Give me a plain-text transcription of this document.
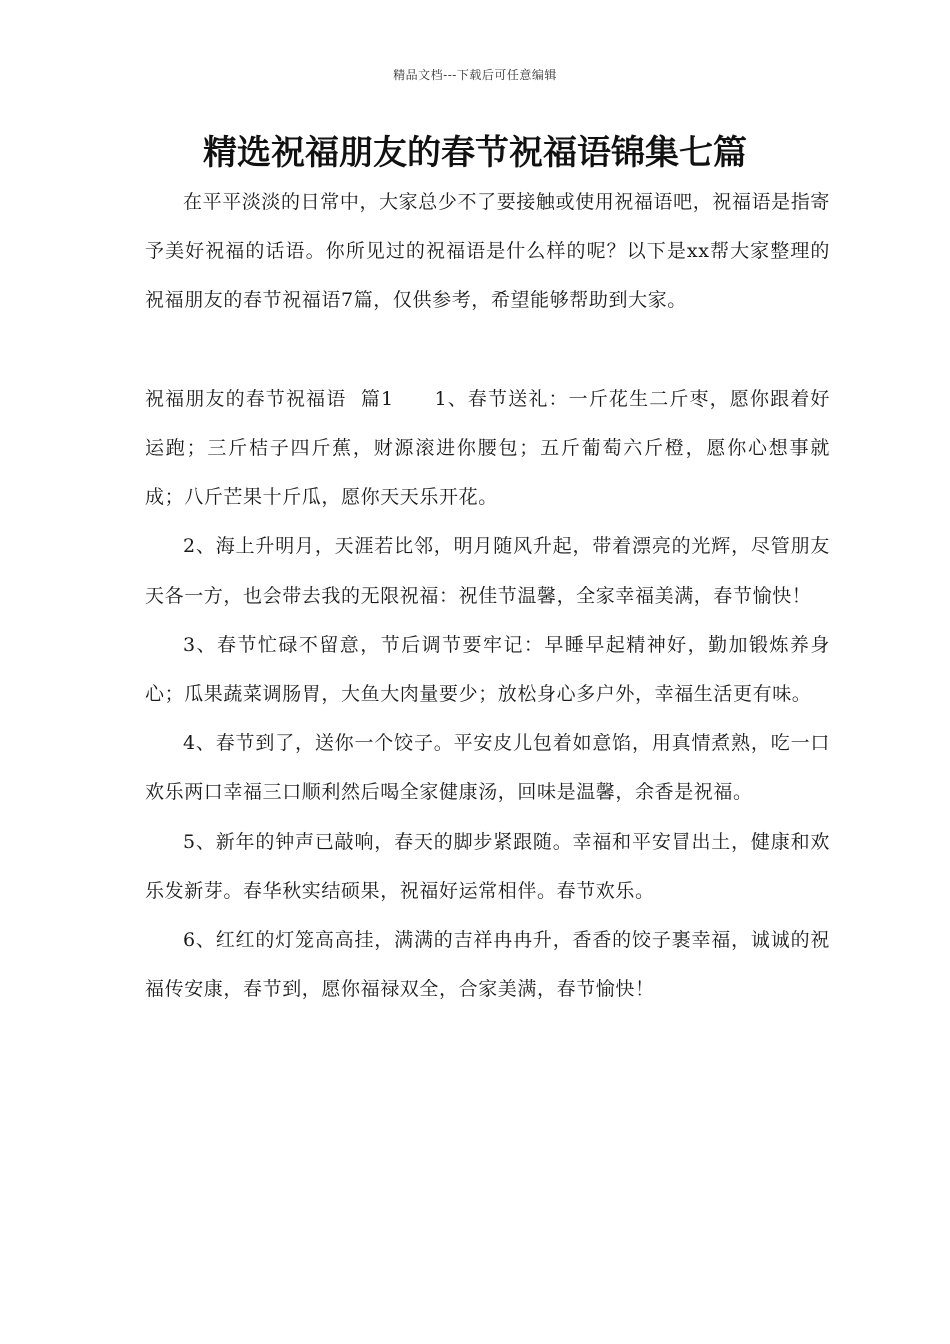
精品文档---下载后可任意编辑
精选祝福朋友的春节祝福语锦集七篇

在平平淡淡的日常中，大家总少不了要接触或使用祝福语吧，祝福语是指寄予美好祝福的话语。你所见过的祝福语是什么样的呢？以下是xx帮大家整理的祝福朋友的春节祝福语7篇，仅供参考，希望能够帮助到大家。

祝福朋友的春节祝福语  篇1　　 1、春节送礼：一斤花生二斤枣，愿你跟着好运跑；三斤桔子四斤蕉，财源滚进你腰包；五斤葡萄六斤橙，愿你心想事就成；八斤芒果十斤瓜，愿你天天乐开花。

2、海上升明月，天涯若比邻，明月随风升起，带着漂亮的光辉，尽管朋友天各一方，也会带去我的无限祝福：祝佳节温馨，全家幸福美满，春节愉快！

3、春节忙碌不留意，节后调节要牢记：早睡早起精神好，勤加锻炼养身心；瓜果蔬菜调肠胃，大鱼大肉量要少；放松身心多户外，幸福生活更有味。

4、春节到了，送你一个饺子。平安皮儿包着如意馅，用真情煮熟，吃一口欢乐两口幸福三口顺利然后喝全家健康汤，回味是温馨，余香是祝福。

5、新年的钟声已敲响，春天的脚步紧跟随。幸福和平安冒出土，健康和欢乐发新芽。春华秋实结硕果，祝福好运常相伴。春节欢乐。

6、红红的灯笼高高挂，满满的吉祥冉冉升，香香的饺子裹幸福，诚诚的祝福传安康，春节到，愿你福禄双全，合家美满，春节愉快！
